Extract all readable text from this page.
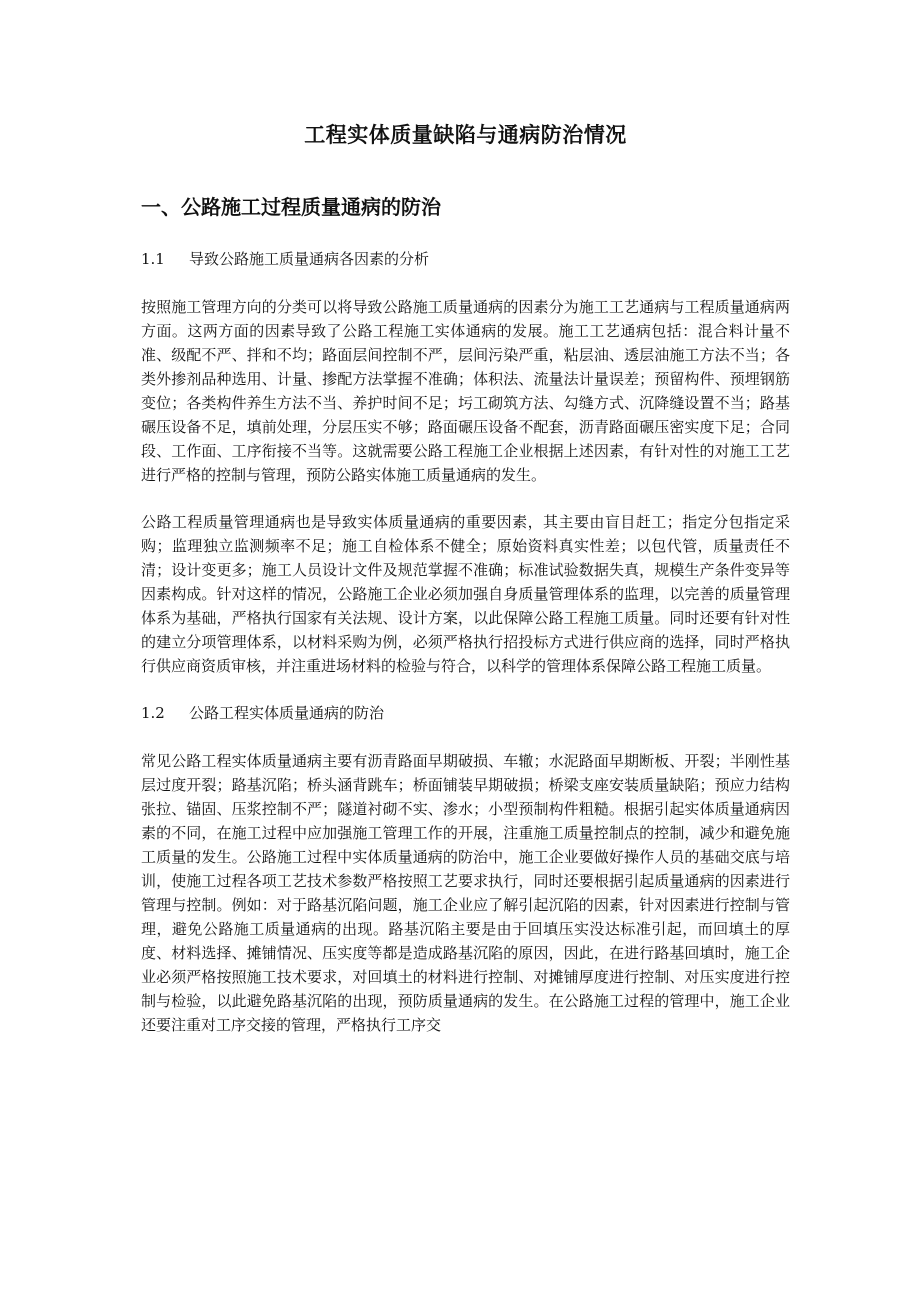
工程实体质量缺陷与通病防治情况
一、公路施工过程质量通病的防治
1.1 导致公路施工质量通病各因素的分析

按照施工管理方向的分类可以将导致公路施工质量通病的因素分为施工工艺通病与工程质量通病两方面。这两方面的因素导致了公路工程施工实体通病的发展。施工工艺通病包括：混合料计量不准、级配不严、拌和不均；路面层间控制不严，层间污染严重，粘层油、透层油施工方法不当；各类外掺剂品种选用、计量、掺配方法掌握不准确；体积法、流量法计量误差；预留构件、预埋钢筋变位；各类构件养生方法不当、养护时间不足；圬工砌筑方法、勾缝方式、沉降缝设置不当；路基碾压设备不足，填前处理，分层压实不够；路面碾压设备不配套，沥青路面碾压密实度下足；合同段、工作面、工序衔接不当等。这就需要公路工程施工企业根据上述因素，有针对性的对施工工艺进行严格的控制与管理，预防公路实体施工质量通病的发生。

公路工程质量管理通病也是导致实体质量通病的重要因素，其主要由盲目赶工；指定分包指定采购；监理独立监测频率不足；施工自检体系不健全；原始资料真实性差；以包代管，质量责任不清；设计变更多；施工人员设计文件及规范掌握不准确；标准试验数据失真，规模生产条件变异等因素构成。针对这样的情况，公路施工企业必须加强自身质量管理体系的监理，以完善的质量管理体系为基础，严格执行国家有关法规、设计方案，以此保障公路工程施工质量。同时还要有针对性的建立分项管理体系，以材料采购为例，必须严格执行招投标方式进行供应商的选择，同时严格执行供应商资质审核，并注重进场材料的检验与符合，以科学的管理体系保障公路工程施工质量。

1.2 公路工程实体质量通病的防治

常见公路工程实体质量通病主要有沥青路面早期破损、车辙；水泥路面早期断板、开裂；半刚性基层过度开裂；路基沉陷；桥头涵背跳车；桥面铺装早期破损；桥梁支座安装质量缺陷；预应力结构张拉、锚固、压浆控制不严；隧道衬砌不实、渗水；小型预制构件粗糙。根据引起实体质量通病因素的不同，在施工过程中应加强施工管理工作的开展，注重施工质量控制点的控制，减少和避免施工质量的发生。公路施工过程中实体质量通病的防治中，施工企业要做好操作人员的基础交底与培训，使施工过程各项工艺技术参数严格按照工艺要求执行，同时还要根据引起质量通病的因素进行管理与控制。例如：对于路基沉陷问题，施工企业应了解引起沉陷的因素，针对因素进行控制与管理，避免公路施工质量通病的出现。路基沉陷主要是由于回填压实没达标准引起，而回填土的厚度、材料选择、摊铺情况、压实度等都是造成路基沉陷的原因，因此，在进行路基回填时，施工企业必须严格按照施工技术要求，对回填土的材料进行控制、对摊铺厚度进行控制、对压实度进行控制与检验，以此避免路基沉陷的出现，预防质量通病的发生。在公路施工过程的管理中，施工企业还要注重对工序交接的管理，严格执行工序交
